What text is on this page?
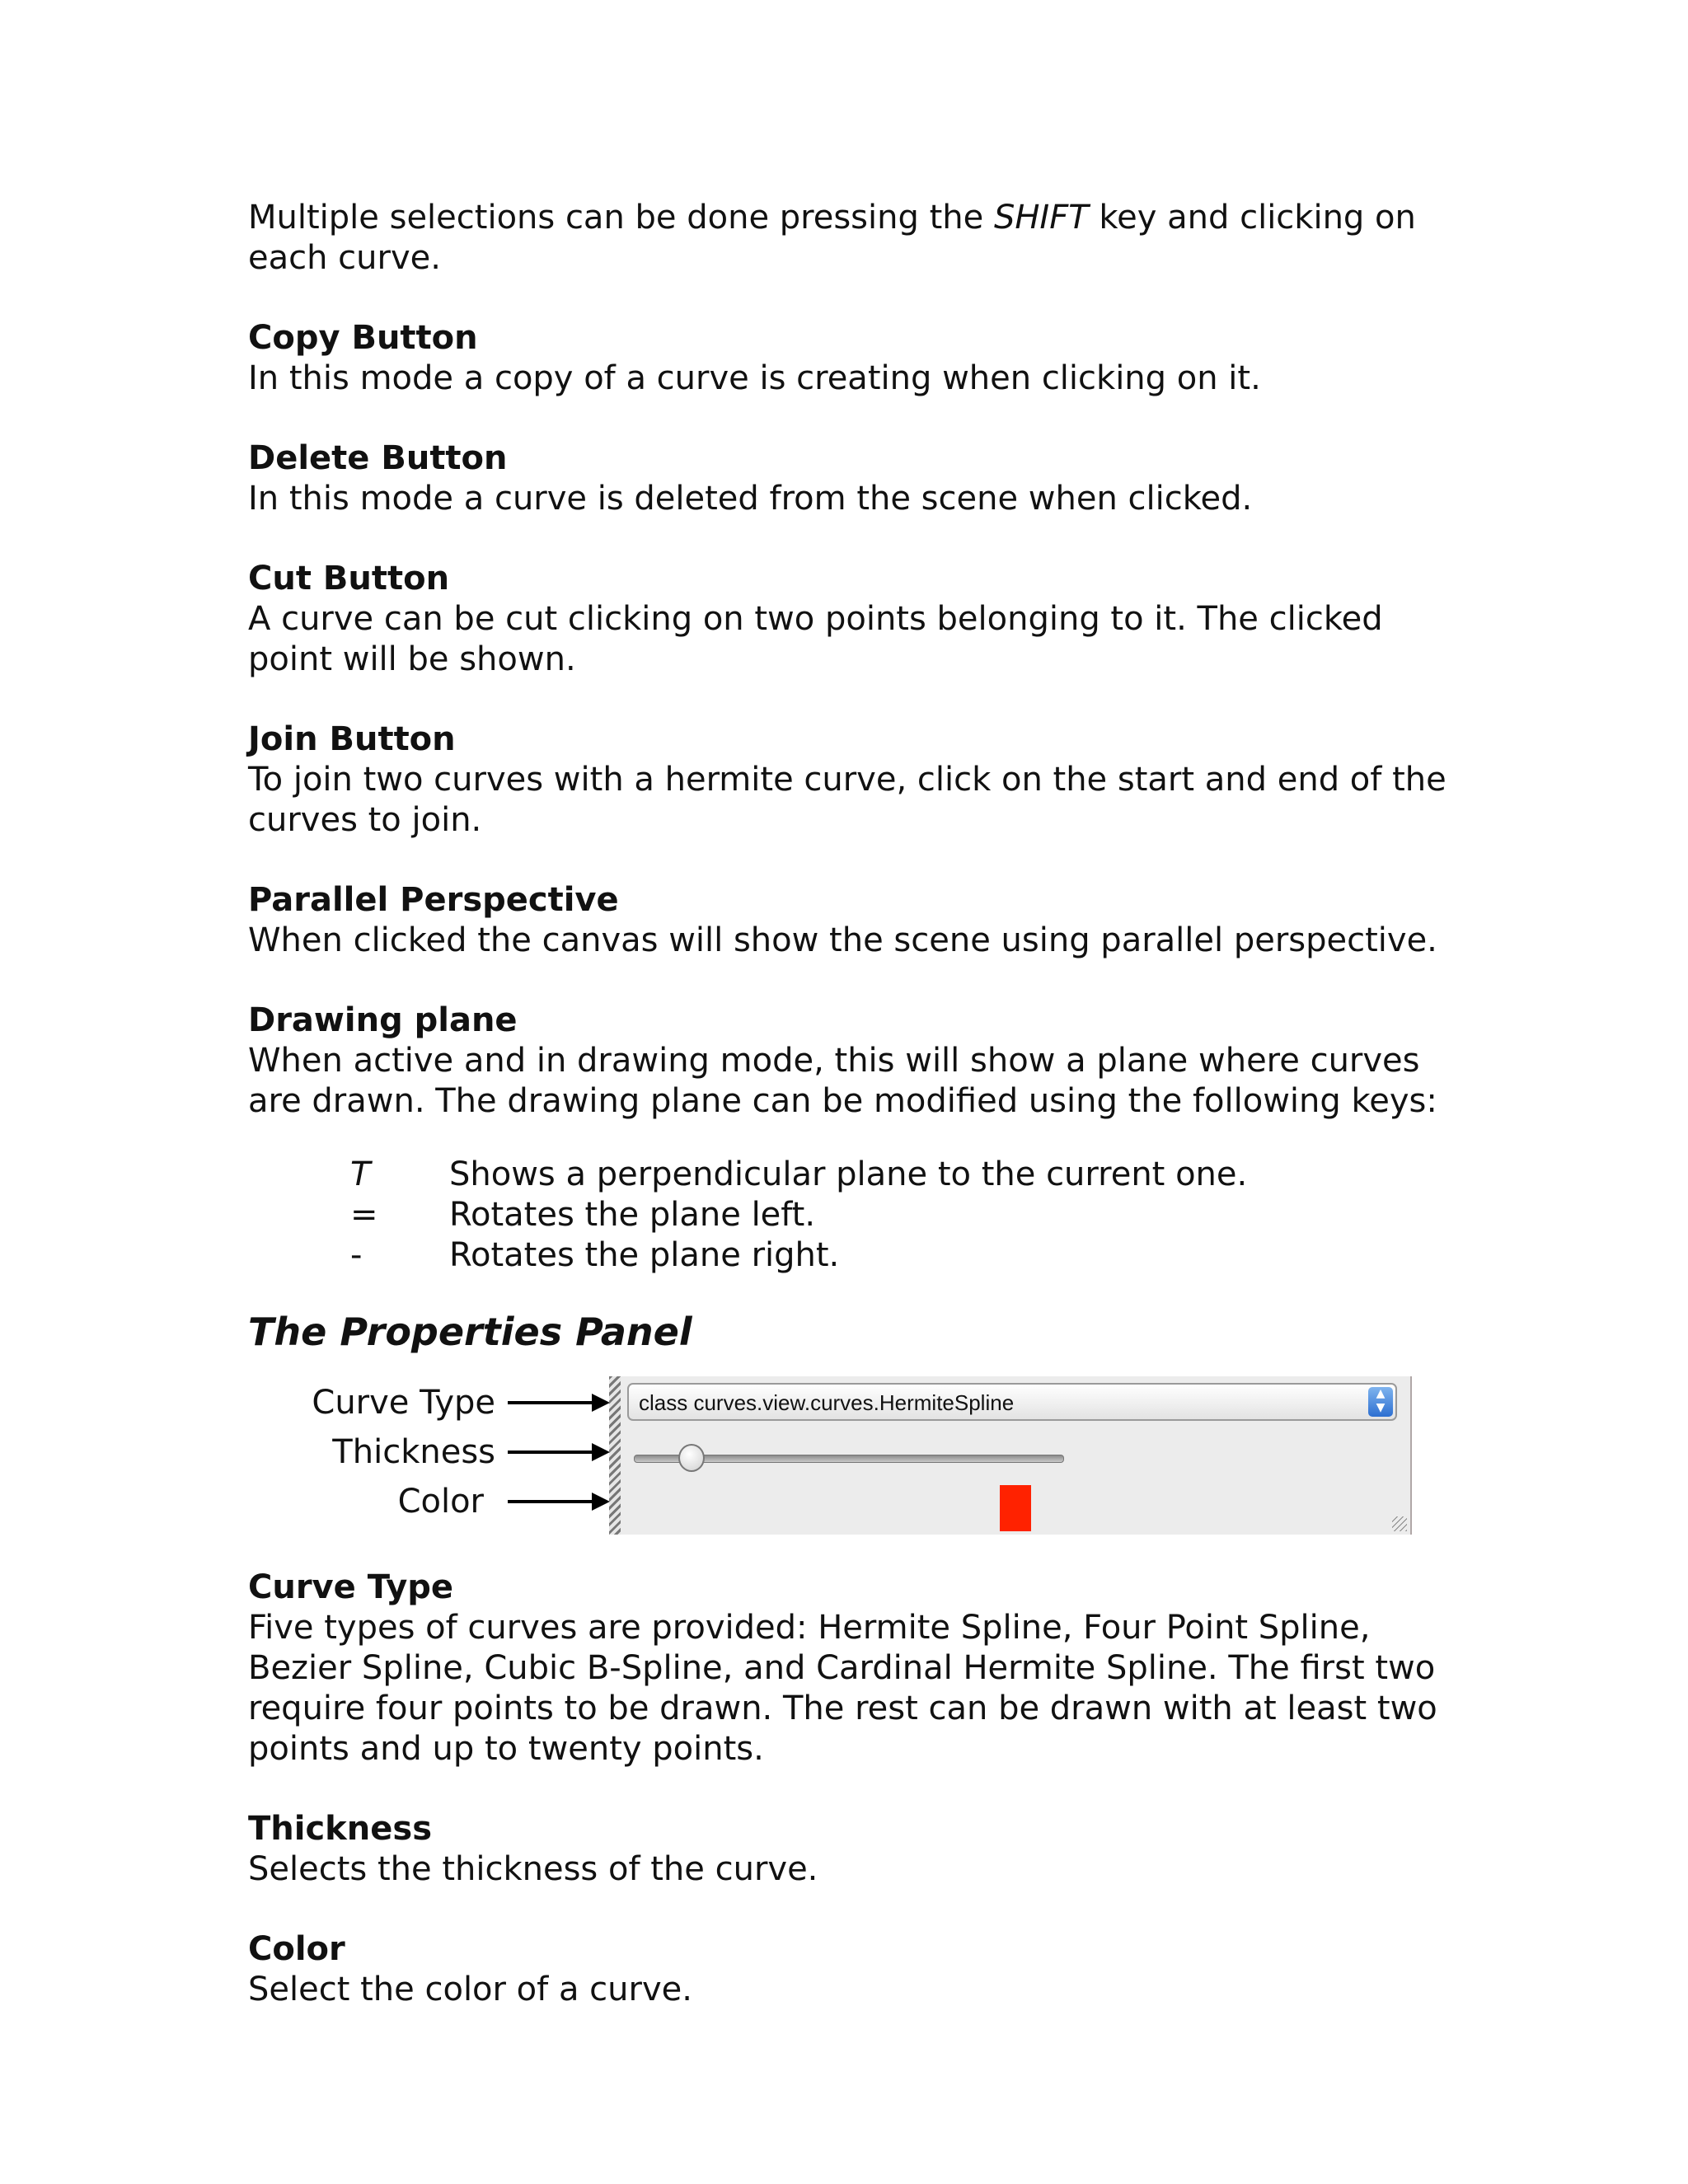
Multiple selections can be done pressing the SHIFT key and clicking on each curve.

Copy Button

In this mode a copy of a curve is creating when clicking on it.

Delete Button

In this mode a curve is deleted from the scene when clicked.

Cut Button

A curve can be cut clicking on two points belonging to it. The clicked point will be shown.

Join Button

To join two curves with a hermite curve, click on the start and end of the curves to join.

Parallel Perspective

When clicked the canvas will show the scene using parallel perspective.

Drawing plane

When active and in drawing mode, this will show a plane where curves are drawn. The drawing plane can be modified using the following keys:

T	Shows a perpendicular plane to the current one.
=	Rotates the plane left.
-	Rotates the plane right.
The Properties Panel
Curve Type
Thickness
Color
class curves.view.curves.HermiteSpline	▲
▼
Curve Type

Five types of curves are provided: Hermite Spline, Four Point Spline, Bezier Spline, Cubic B-Spline, and Cardinal Hermite Spline. The first two require four points to be drawn. The rest can be drawn with at least two points and up to twenty points.

Thickness

Selects the thickness of the curve.

Color

Select the color of a curve.
